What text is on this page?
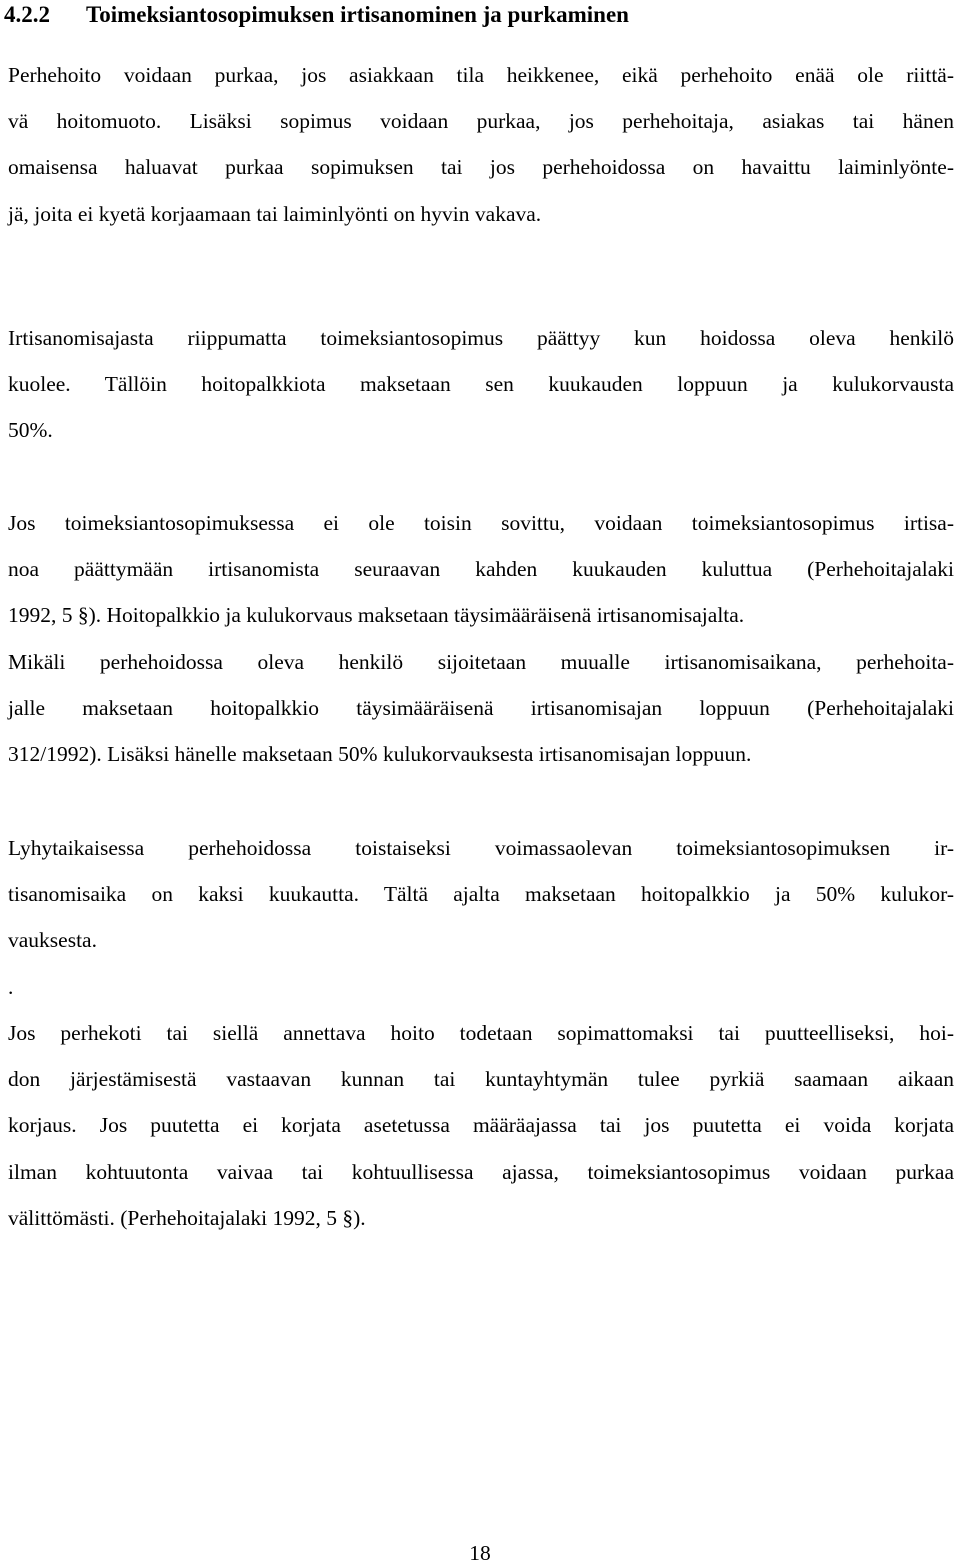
4.2.2 Toimeksiantosopimuksen irtisanominen ja purkaminen

Perhehoito voidaan purkaa, jos asiakkaan tila heikkenee, eikä perhehoito enää ole riittä-
vä hoitomuoto. Lisäksi sopimus voidaan purkaa, jos perhehoitaja, asiakas tai hänen
omaisensa haluavat purkaa sopimuksen tai jos perhehoidossa on havaittu laiminlyönte-
jä, joita ei kyetä korjaamaan tai laiminlyönti on hyvin vakava.

Irtisanomisajasta riippumatta toimeksiantosopimus päättyy kun hoidossa oleva henkilö
kuolee. Tällöin hoitopalkkiota maksetaan sen kuukauden loppuun ja kulukorvausta
50%.

Jos toimeksiantosopimuksessa ei ole toisin sovittu, voidaan toimeksiantosopimus irtisa-
noa päättymään irtisanomista seuraavan kahden kuukauden kuluttua (Perhehoitajalaki
1992, 5 §). Hoitopalkkio ja kulukorvaus maksetaan täysimääräisenä irtisanomisajalta.
Mikäli perhehoidossa oleva henkilö sijoitetaan muualle irtisanomisaikana, perhehoita-
jalle maksetaan hoitopalkkio täysimääräisenä irtisanomisajan loppuun (Perhehoitajalaki
312/1992). Lisäksi hänelle maksetaan 50% kulukorvauksesta irtisanomisajan loppuun.

Lyhytaikaisessa perhehoidossa toistaiseksi voimassaolevan toimeksiantosopimuksen ir-
tisanomisaika on kaksi kuukautta. Tältä ajalta maksetaan hoitopalkkio ja 50% kulukor-
vauksesta.
.

Jos perhekoti tai siellä annettava hoito todetaan sopimattomaksi tai puutteelliseksi, hoi-
don järjestämisestä vastaavan kunnan tai kuntayhtymän tulee pyrkiä saamaan aikaan
korjaus. Jos puutetta ei korjata asetetussa määräajassa tai jos puutetta ei voida korjata
ilman kohtuutonta vaivaa tai kohtuullisessa ajassa, toimeksiantosopimus voidaan purkaa
välittömästi. (Perhehoitajalaki 1992, 5 §).

18
